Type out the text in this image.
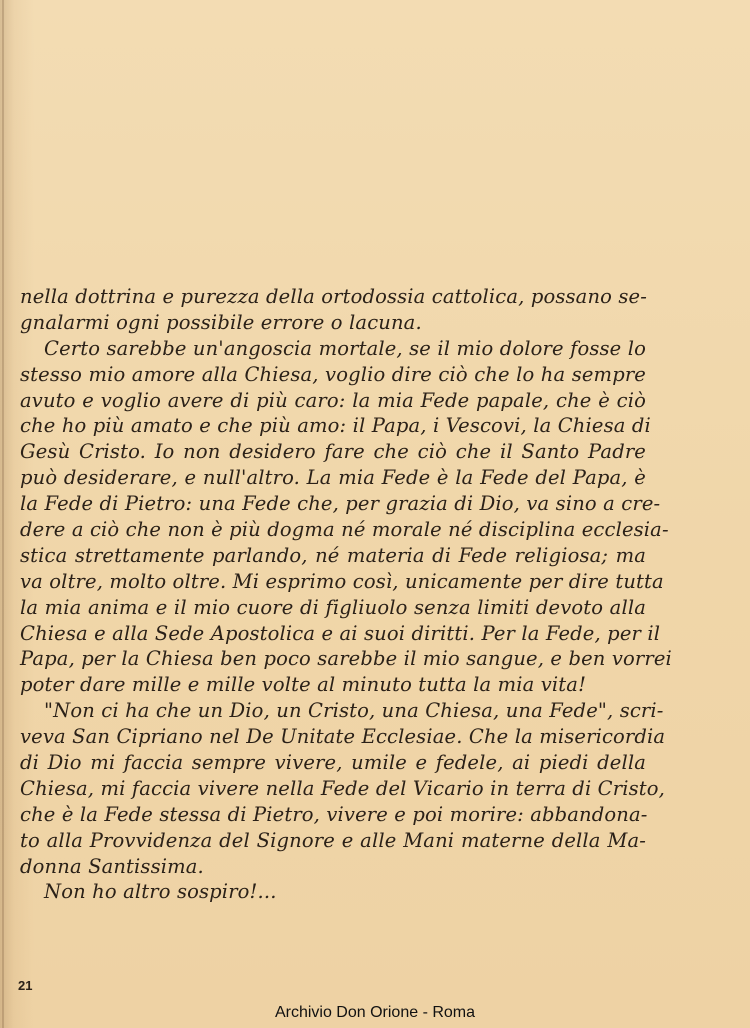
nella dottrina e purezza della ortodossia cattolica, possano se-
gnalarmi ogni possibile errore o lacuna.
Certo sarebbe un'angoscia mortale, se il mio dolore fosse lo
stesso mio amore alla Chiesa, voglio dire ciò che lo ha sempre
avuto e voglio avere di più caro: la mia Fede papale, che è ciò
che ho più amato e che più amo: il Papa, i Vescovi, la Chiesa di
Gesù Cristo. Io non desidero fare che ciò che il Santo Padre
può desiderare, e null'altro. La mia Fede è la Fede del Papa, è
la Fede di Pietro: una Fede che, per grazia di Dio, va sino a cre-
dere a ciò che non è più dogma né morale né disciplina ecclesia-
stica strettamente parlando, né materia di Fede religiosa; ma
va oltre, molto oltre. Mi esprimo così, unicamente per dire tutta
la mia anima e il mio cuore di figliuolo senza limiti devoto alla
Chiesa e alla Sede Apostolica e ai suoi diritti. Per la Fede, per il
Papa, per la Chiesa ben poco sarebbe il mio sangue, e ben vorrei
poter dare mille e mille volte al minuto tutta la mia vita!
"Non ci ha che un Dio, un Cristo, una Chiesa, una Fede", scri-
veva San Cipriano nel De Unitate Ecclesiae. Che la misericordia
di Dio mi faccia sempre vivere, umile e fedele, ai piedi della
Chiesa, mi faccia vivere nella Fede del Vicario in terra di Cristo,
che è la Fede stessa di Pietro, vivere e poi morire: abbandona-
to alla Provvidenza del Signore e alle Mani materne della Ma-
donna Santissima.
Non ho altro sospiro!...
21
Archivio Don Orione - Roma
